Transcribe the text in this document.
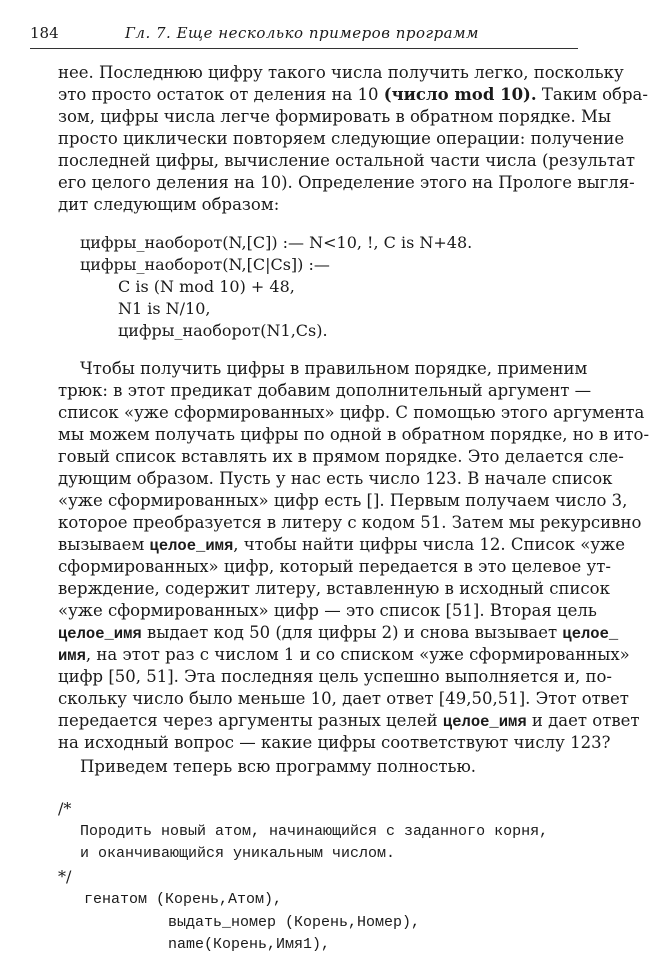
184	Гл. 7. Еще несколько примеров программ
нее. Последнюю цифру такого числа получить легко, поскольку
это просто остаток от деления на 10 (число mod 10). Таким обра-
зом, цифры числа легче формировать в обратном порядке. Мы
просто циклически повторяем следующие операции: получение
последней цифры, вычисление остальной части числа (результат
его целого деления на 10). Определение этого на Прологе выгля-
дит следующим образом:
цифры_наоборот(N,[C]) :— N<10, !, C is N+48.
цифры_наоборот(N,[C|Cs]) :—
C is (N mod 10) + 48,
N1 is N/10,
цифры_наоборот(N1,Cs).
Чтобы получить цифры в правильном порядке, применим
трюк: в этот предикат добавим дополнительный аргумент —
список «уже сформированных» цифр. С помощью этого аргумента
мы можем получать цифры по одной в обратном порядке, но в ито-
говый список вставлять их в прямом порядке. Это делается сле-
дующим образом. Пусть у нас есть число 123. В начале список
«уже сформированных» цифр есть []. Первым получаем число 3,
которое преобразуется в литеру с кодом 51. Затем мы рекурсивно
вызываем целое_имя, чтобы найти цифры числа 12. Список «уже
сформированных» цифр, который передается в это целевое ут-
верждение, содержит литеру, вставленную в исходный список
«уже сформированных» цифр — это список [51]. Вторая цель
целое_имя выдает код 50 (для цифры 2) и снова вызывает целое_
имя, на этот раз с числом 1 и со списком «уже сформированных»
цифр [50, 51]. Эта последняя цель успешно выполняется и, по-
скольку число было меньше 10, дает ответ [49,50,51]. Этот ответ
передается через аргументы разных целей целое_имя и дает ответ
на исходный вопрос — какие цифры соответствуют числу 123?
Приведем теперь всю программу полностью.
/*
Породить новый атом, начинающийся с заданного корня,
и оканчивающийся уникальным числом.
*/
генатом (Корень,Атом),
выдать_номер (Корень,Номер),
name(Корень,Имя1),
